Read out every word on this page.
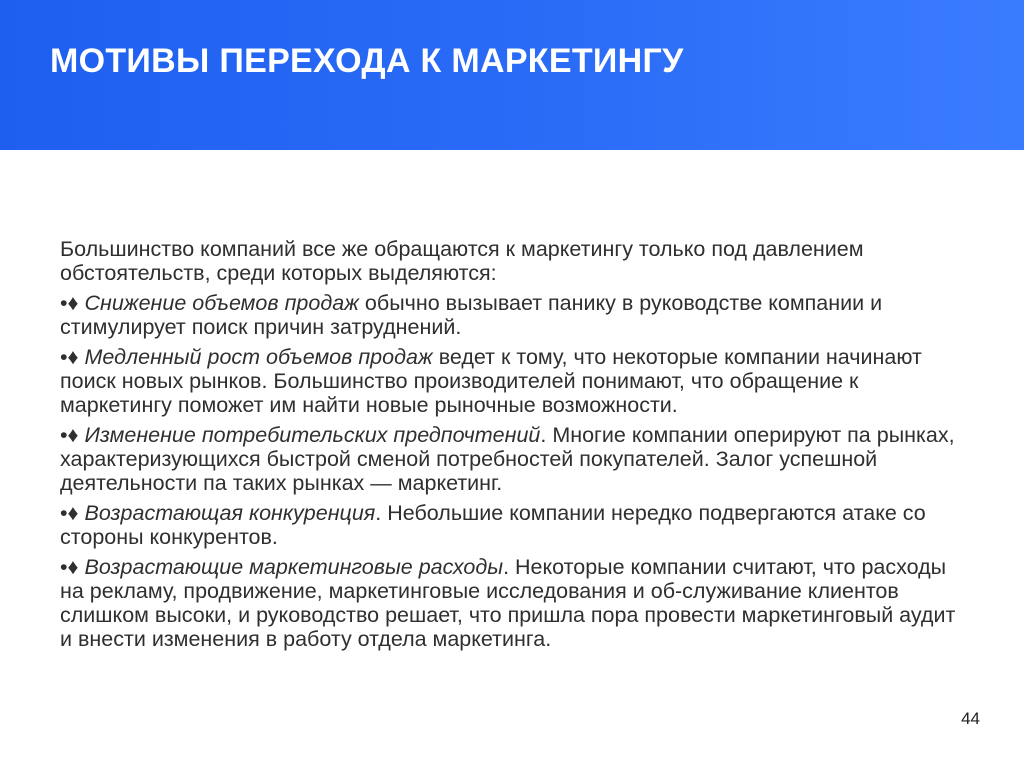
МОТИВЫ ПЕРЕХОДА К МАРКЕТИНГУ

Большинство компаний все же обращаются к маркетингу только под давлением обстоятельств, среди которых выделяются:

•♦ Снижение объемов продаж обычно вызывает панику в руководстве компании и стимулирует поиск причин затруднений.

•♦ Медленный рост объемов продаж ведет к тому, что некоторые компании начинают поиск новых рынков. Большинство производителей понимают, что обращение к маркетингу поможет им найти новые рыночные возможности.

•♦ Изменение потребительских предпочтений. Многие компании оперируют па рынках, характеризующихся быстрой сменой потребностей покупателей. Залог успешной деятельности па таких рынках — маркетинг.

•♦ Возрастающая конкуренция. Небольшие компании нередко подвергаются атаке со стороны конкурентов.

•♦ Возрастающие маркетинговые расходы. Некоторые компании считают, что расходы на рекламу, продвижение, маркетинговые исследования и об-служивание клиентов слишком высоки, и руководство решает, что пришла пора провести маркетинговый аудит и внести изменения в работу отдела маркетинга.

44
